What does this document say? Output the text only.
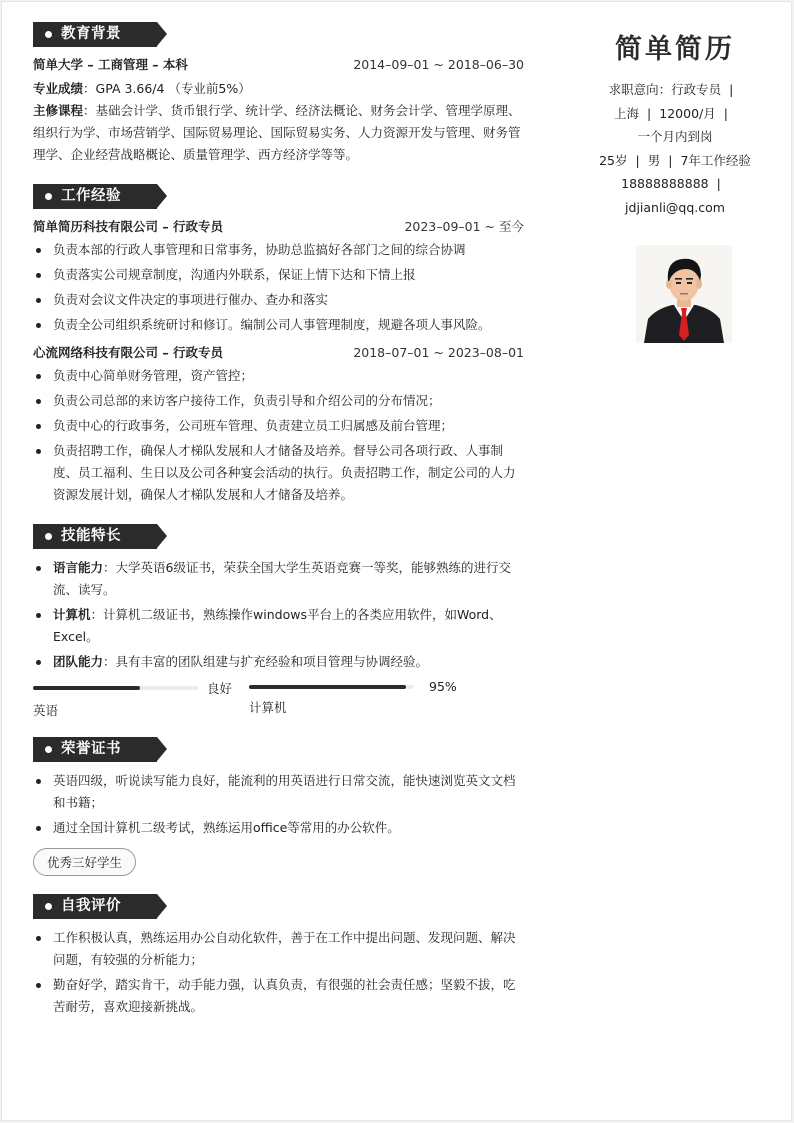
教育背景
简单大学 – 工商管理 – 本科	2014–09–01 ~ 2018–06–30
专业成绩：GPA 3.66/4 （专业前5%）
主修课程：基础会计学、货币银行学、统计学、经济法概论、财务会计学、管理学原理、组织行为学、市场营销学、国际贸易理论、国际贸易实务、人力资源开发与管理、财务管理学、企业经营战略概论、质量管理学、西方经济学等等。
工作经验
简单简历科技有限公司 – 行政专员	2023–09–01 ~ 至今
负责本部的行政人事管理和日常事务，协助总监搞好各部门之间的综合协调
负责落实公司规章制度，沟通内外联系，保证上情下达和下情上报
负责对会议文件决定的事项进行催办、查办和落实
负责全公司组织系统研讨和修订。编制公司人事管理制度，规避各项人事风险。
心流网络科技有限公司 – 行政专员	2018–07–01 ~ 2023–08–01
负责中心简单财务管理，资产管控；
负责公司总部的来访客户接待工作，负责引导和介绍公司的分布情况；
负责中心的行政事务，公司班车管理、负责建立员工归属感及前台管理；
负责招聘工作，确保人才梯队发展和人才储备及培养。督导公司各项行政、人事制度、员工福利、生日以及公司各种宴会活动的执行。负责招聘工作，制定公司的人力资源发展计划，确保人才梯队发展和人才储备及培养。
技能特长
语言能力：大学英语6级证书，荣获全国大学生英语竞赛一等奖，能够熟练的进行交流、读写。
计算机：计算机二级证书，熟练操作windows平台上的各类应用软件，如Word、Excel。
团队能力：具有丰富的团队组建与扩充经验和项目管理与协调经验。
良好
英语
95%
计算机
荣誉证书
英语四级，听说读写能力良好，能流利的用英语进行日常交流，能快速浏览英文文档和书籍；
通过全国计算机二级考试，熟练运用office等常用的办公软件。
优秀三好学生
自我评价
工作积极认真，熟练运用办公自动化软件，善于在工作中提出问题、发现问题、解决问题，有较强的分析能力；
勤奋好学，踏实肯干，动手能力强，认真负责，有很强的社会责任感；坚毅不拔，吃苦耐劳，喜欢迎接新挑战。
简单简历
求职意向：行政专员 |
上海 | 12000/月 |
一个月内到岗
25岁 | 男 | 7年工作经验
18888888888 |
jdjianli@qq.com
